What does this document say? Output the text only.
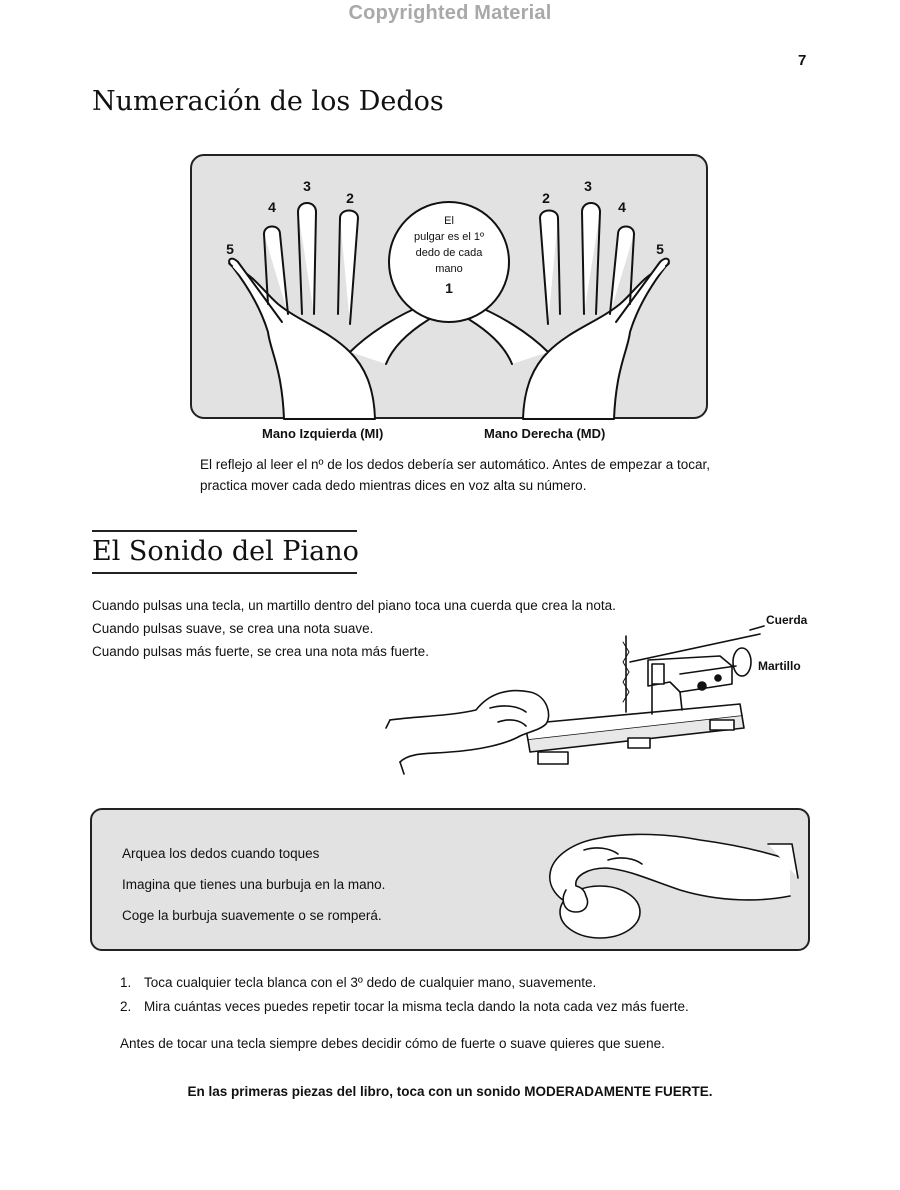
Copyrighted Material
7
Numeración de los Dedos
5
4
3
2	2
3
4
5
El
pulgar es el 1º
dedo de cada
mano
1
Mano Izquierda (MI)	Mano Derecha (MD)
El reflejo al leer el nº de los dedos debería ser automático. Antes de empezar a tocar, practica mover cada dedo mientras dices en voz alta su número.
El Sonido del Piano
Cuando pulsas una tecla, un martillo dentro del piano toca una cuerda que crea la nota.
Cuando pulsas suave, se crea una nota suave.
Cuando pulsas más fuerte, se crea una nota más fuerte.
Cuerda
Martillo
Arquea los dedos cuando toques
Imagina que tienes una burbuja en la mano.
Coge la burbuja suavemente o se romperá.
1. Toca cualquier tecla blanca con el 3º dedo de cualquier mano, suavemente.
2. Mira cuántas veces puedes repetir tocar la misma tecla dando la nota cada vez más fuerte.
Antes de tocar una tecla siempre debes decidir cómo de fuerte o suave quieres que suene.
En las primeras piezas del libro, toca con un sonido MODERADAMENTE FUERTE.
